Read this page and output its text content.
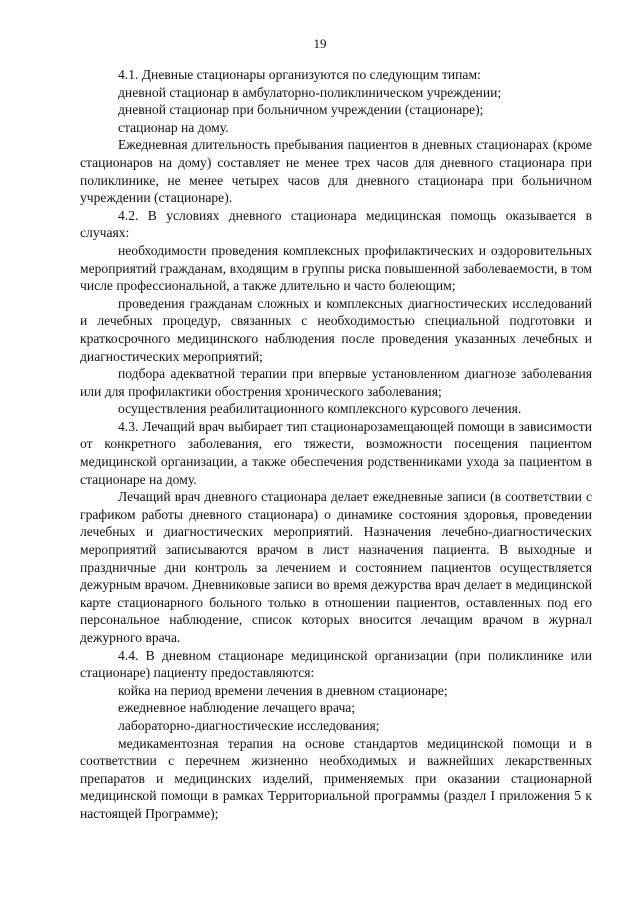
19

4.1. Дневные стационары организуются по следующим типам:

дневной стационар в амбулаторно-поликлиническом учреждении;

дневной стационар при больничном учреждении (стационаре);

стационар на дому.

Ежедневная длительность пребывания пациентов в дневных стационарах (кроме стационаров на дому) составляет не менее трех часов для дневного стационара при поликлинике, не менее четырех часов для дневного стационара при больничном учреждении (стационаре).

4.2. В условиях дневного стационара медицинская помощь оказывается в случаях:

необходимости проведения комплексных профилактических и оздоровительных мероприятий гражданам, входящим в группы риска повышенной заболеваемости, в том числе профессиональной, а также длительно и часто болеющим;

проведения гражданам сложных и комплексных диагностических исследований и лечебных процедур, связанных с необходимостью специальной подготовки и краткосрочного медицинского наблюдения после проведения указанных лечебных и диагностических мероприятий;

подбора адекватной терапии при впервые установленном диагнозе заболевания или для профилактики обострения хронического заболевания;

осуществления реабилитационного комплексного курсового лечения.

4.3. Лечащий врач выбирает тип стационарозамещающей помощи в зависимости от конкретного заболевания, его тяжести, возможности посещения пациентом медицинской организации, а также обеспечения родственниками ухода за пациентом в стационаре на дому.

Лечащий врач дневного стационара делает ежедневные записи (в соответствии с графиком работы дневного стационара) о динамике состояния здоровья, проведении лечебных и диагностических мероприятий. Назначения лечебно-диагностических мероприятий записываются врачом в лист назначения пациента. В выходные и праздничные дни контроль за лечением и состоянием пациентов осуществляется дежурным врачом. Дневниковые записи во время дежурства врач делает в медицинской карте стационарного больного только в отношении пациентов, оставленных под его персональное наблюдение, список которых вносится лечащим врачом в журнал дежурного врача.

4.4. В дневном стационаре медицинской организации (при поликлинике или стационаре) пациенту предоставляются:

койка на период времени лечения в дневном стационаре;

ежедневное наблюдение лечащего врача;

лабораторно-диагностические исследования;

медикаментозная терапия на основе стандартов медицинской помощи и в соответствии с перечнем жизненно необходимых и важнейших лекарственных препаратов и медицинских изделий, применяемых при оказании стационарной медицинской помощи в рамках Территориальной программы (раздел I приложения 5 к настоящей Программе);
